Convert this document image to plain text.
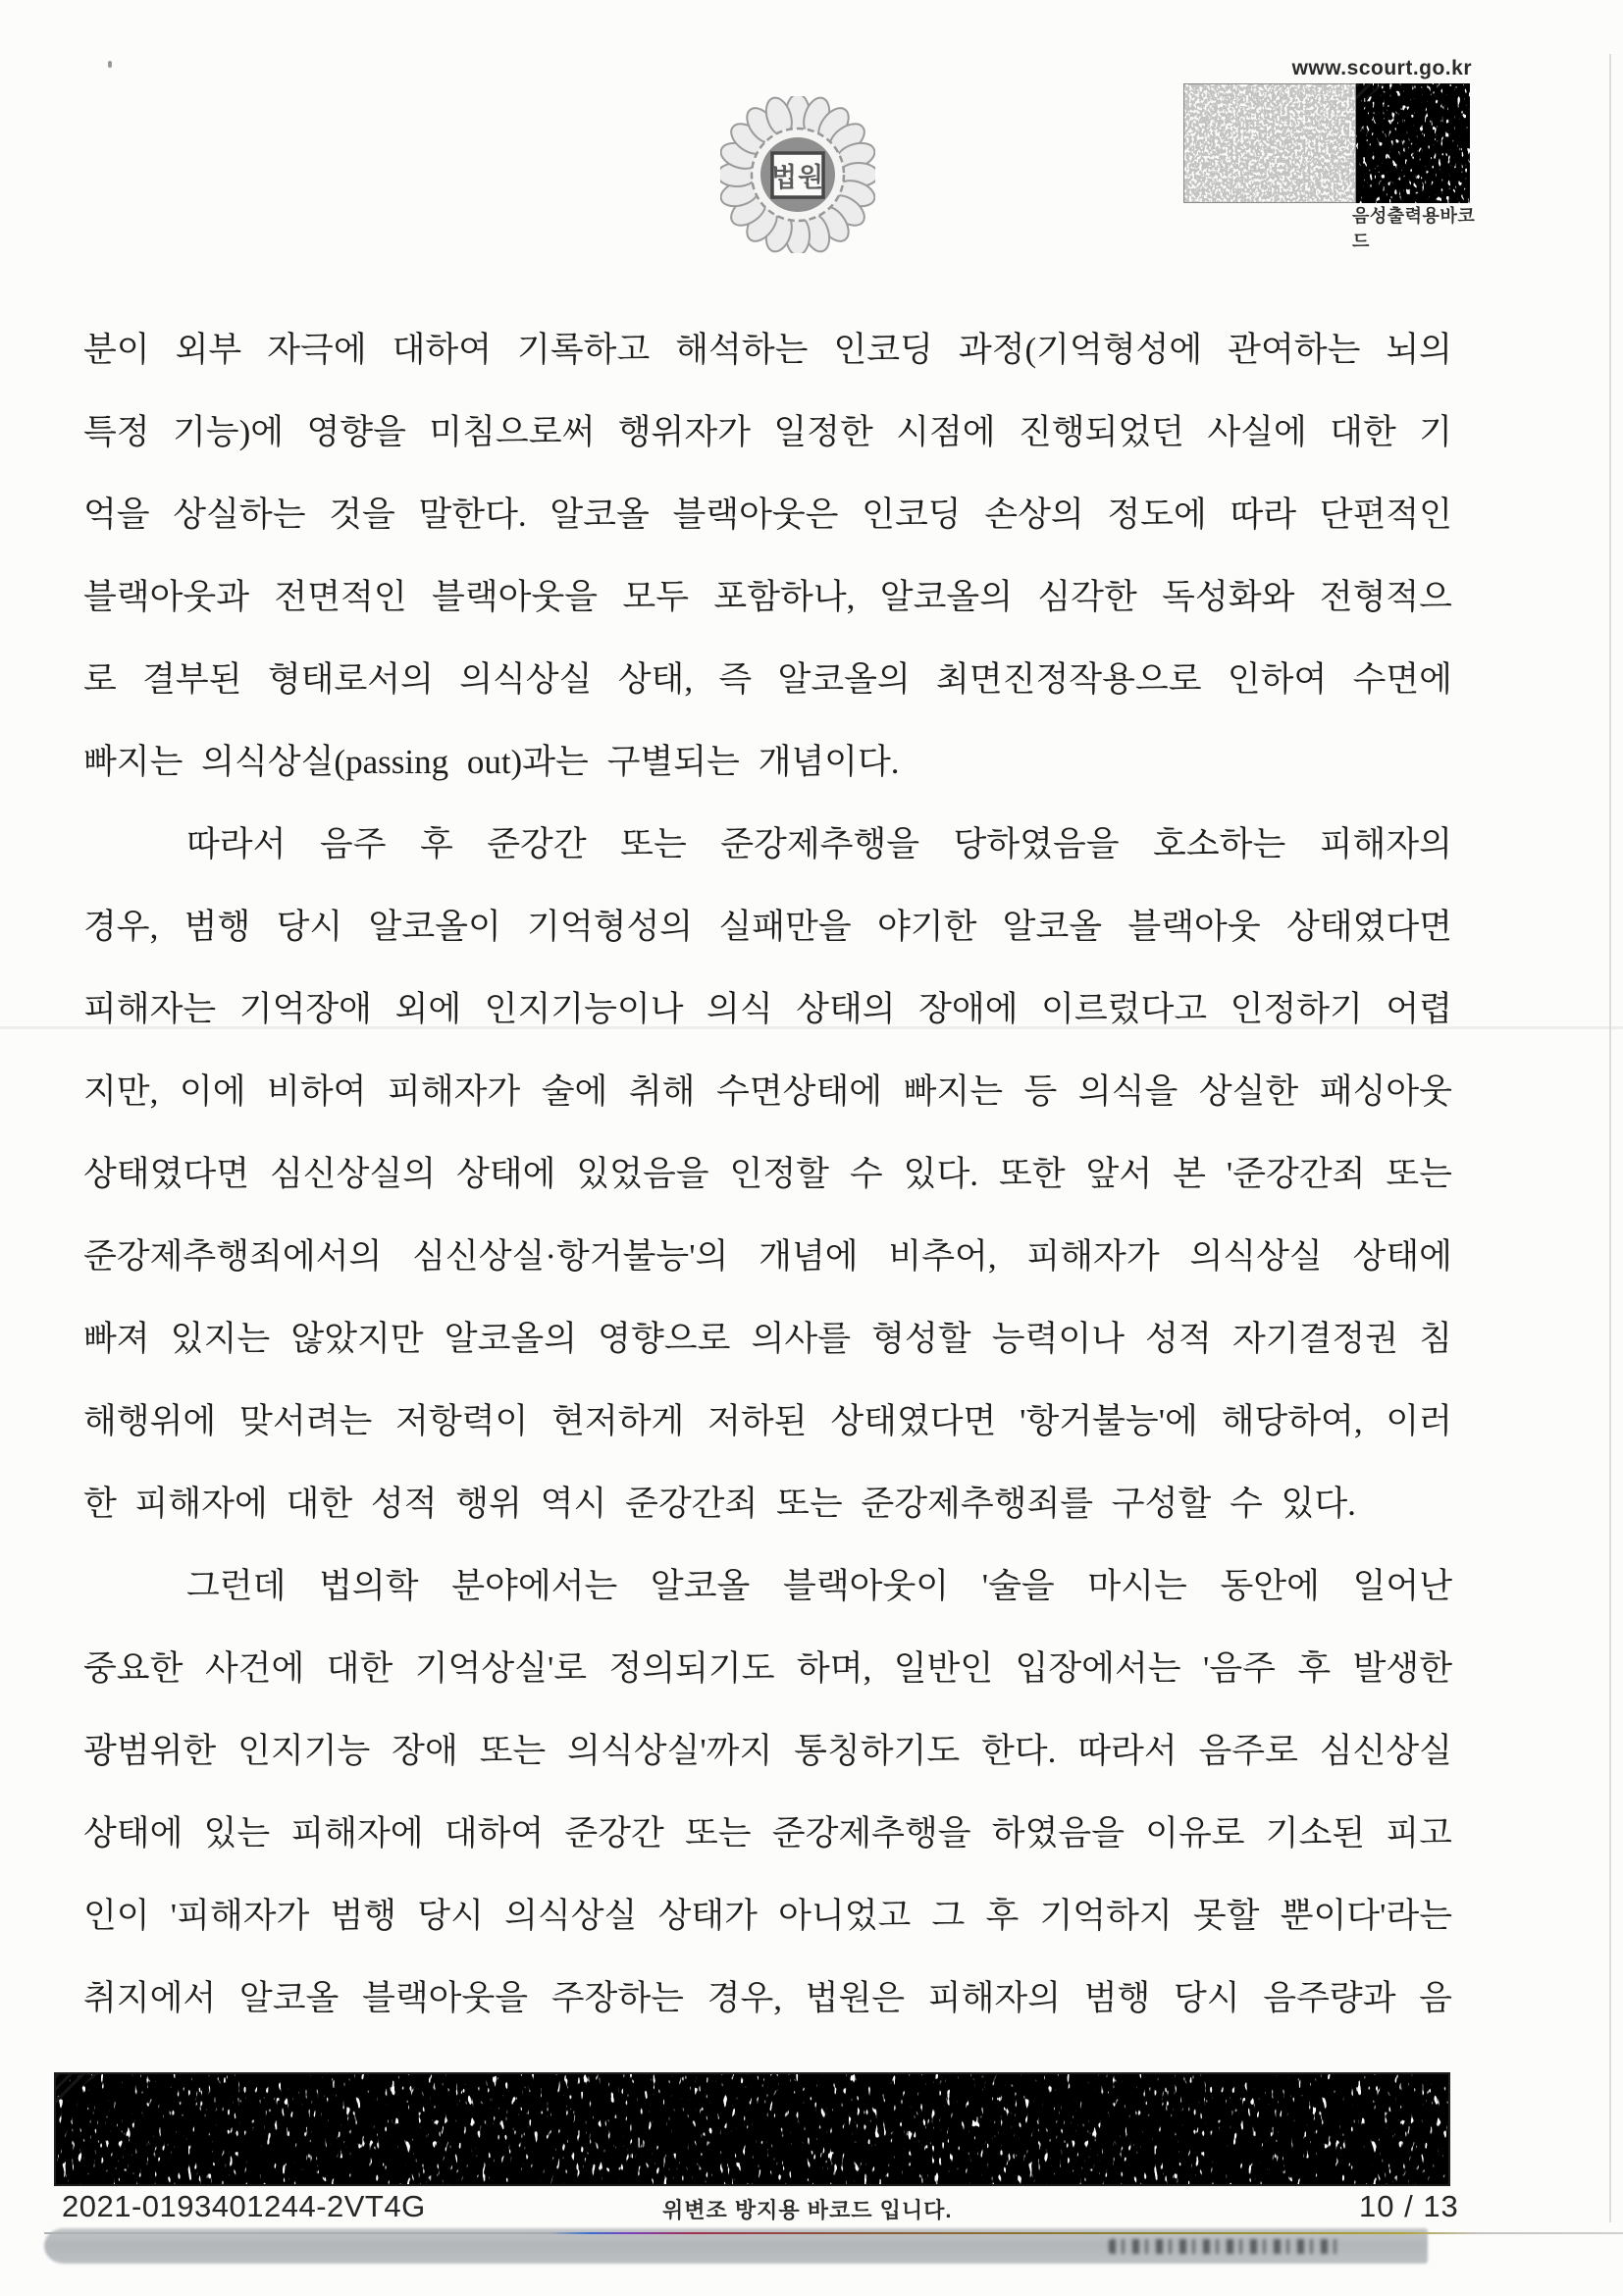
법원
www.scourt.go.kr
음성출력용바코드
분이 외부 자극에 대하여 기록하고 해석하는 인코딩 과정(기억형성에 관여하는 뇌의
특정 기능)에 영향을 미침으로써 행위자가 일정한 시점에 진행되었던 사실에 대한 기
억을 상실하는 것을 말한다. 알코올 블랙아웃은 인코딩 손상의 정도에 따라 단편적인
블랙아웃과 전면적인 블랙아웃을 모두 포함하나, 알코올의 심각한 독성화와 전형적으
로 결부된 형태로서의 의식상실 상태, 즉 알코올의 최면진정작용으로 인하여 수면에
빠지는 의식상실(passing out)과는 구별되는 개념이다.
따라서 음주 후 준강간 또는 준강제추행을 당하였음을 호소하는 피해자의
경우, 범행 당시 알코올이 기억형성의 실패만을 야기한 알코올 블랙아웃 상태였다면
피해자는 기억장애 외에 인지기능이나 의식 상태의 장애에 이르렀다고 인정하기 어렵
지만, 이에 비하여 피해자가 술에 취해 수면상태에 빠지는 등 의식을 상실한 패싱아웃
상태였다면 심신상실의 상태에 있었음을 인정할 수 있다. 또한 앞서 본 '준강간죄 또는
준강제추행죄에서의 심신상실·항거불능'의 개념에 비추어, 피해자가 의식상실 상태에
빠져 있지는 않았지만 알코올의 영향으로 의사를 형성할 능력이나 성적 자기결정권 침
해행위에 맞서려는 저항력이 현저하게 저하된 상태였다면 '항거불능'에 해당하여, 이러
한 피해자에 대한 성적 행위 역시 준강간죄 또는 준강제추행죄를 구성할 수 있다.
그런데 법의학 분야에서는 알코올 블랙아웃이 '술을 마시는 동안에 일어난
중요한 사건에 대한 기억상실'로 정의되기도 하며, 일반인 입장에서는 '음주 후 발생한
광범위한 인지기능 장애 또는 의식상실'까지 통칭하기도 한다. 따라서 음주로 심신상실
상태에 있는 피해자에 대하여 준강간 또는 준강제추행을 하였음을 이유로 기소된 피고
인이 '피해자가 범행 당시 의식상실 상태가 아니었고 그 후 기억하지 못할 뿐이다'라는
취지에서 알코올 블랙아웃을 주장하는 경우, 법원은 피해자의 범행 당시 음주량과 음
2021-0193401244-2VT4G	위변조 방지용 바코드 입니다.	10 / 13
